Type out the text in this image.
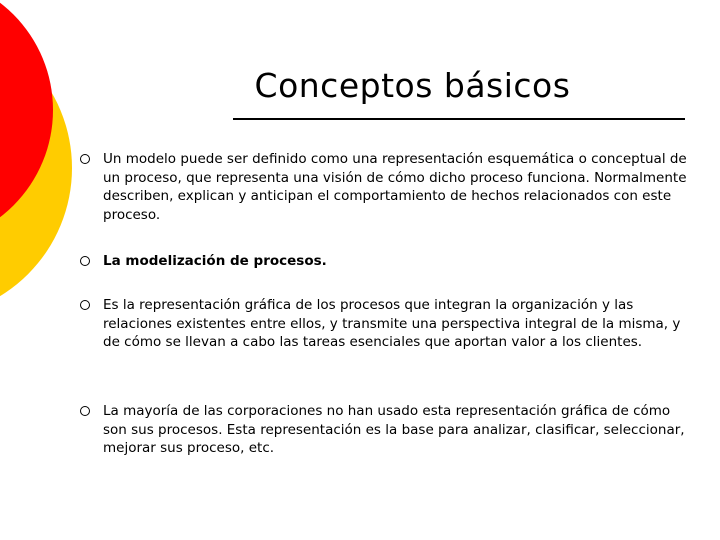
Conceptos básicos
Un modelo puede ser definido como una representación esquemática o conceptual de un proceso, que representa una visión de cómo dicho proceso funciona. Normalmente describen, explican y anticipan el comportamiento de hechos relacionados con este proceso.
La modelización de procesos.
Es la representación gráfica de los procesos que integran la organización y las relaciones existentes entre ellos, y transmite una perspectiva integral de la misma, y de cómo se llevan a cabo las tareas esenciales que aportan valor a los clientes.
La mayoría de las corporaciones no han usado esta representación gráfica de cómo son sus procesos. Esta representación es la base para analizar, clasificar, seleccionar, mejorar sus proceso, etc.
